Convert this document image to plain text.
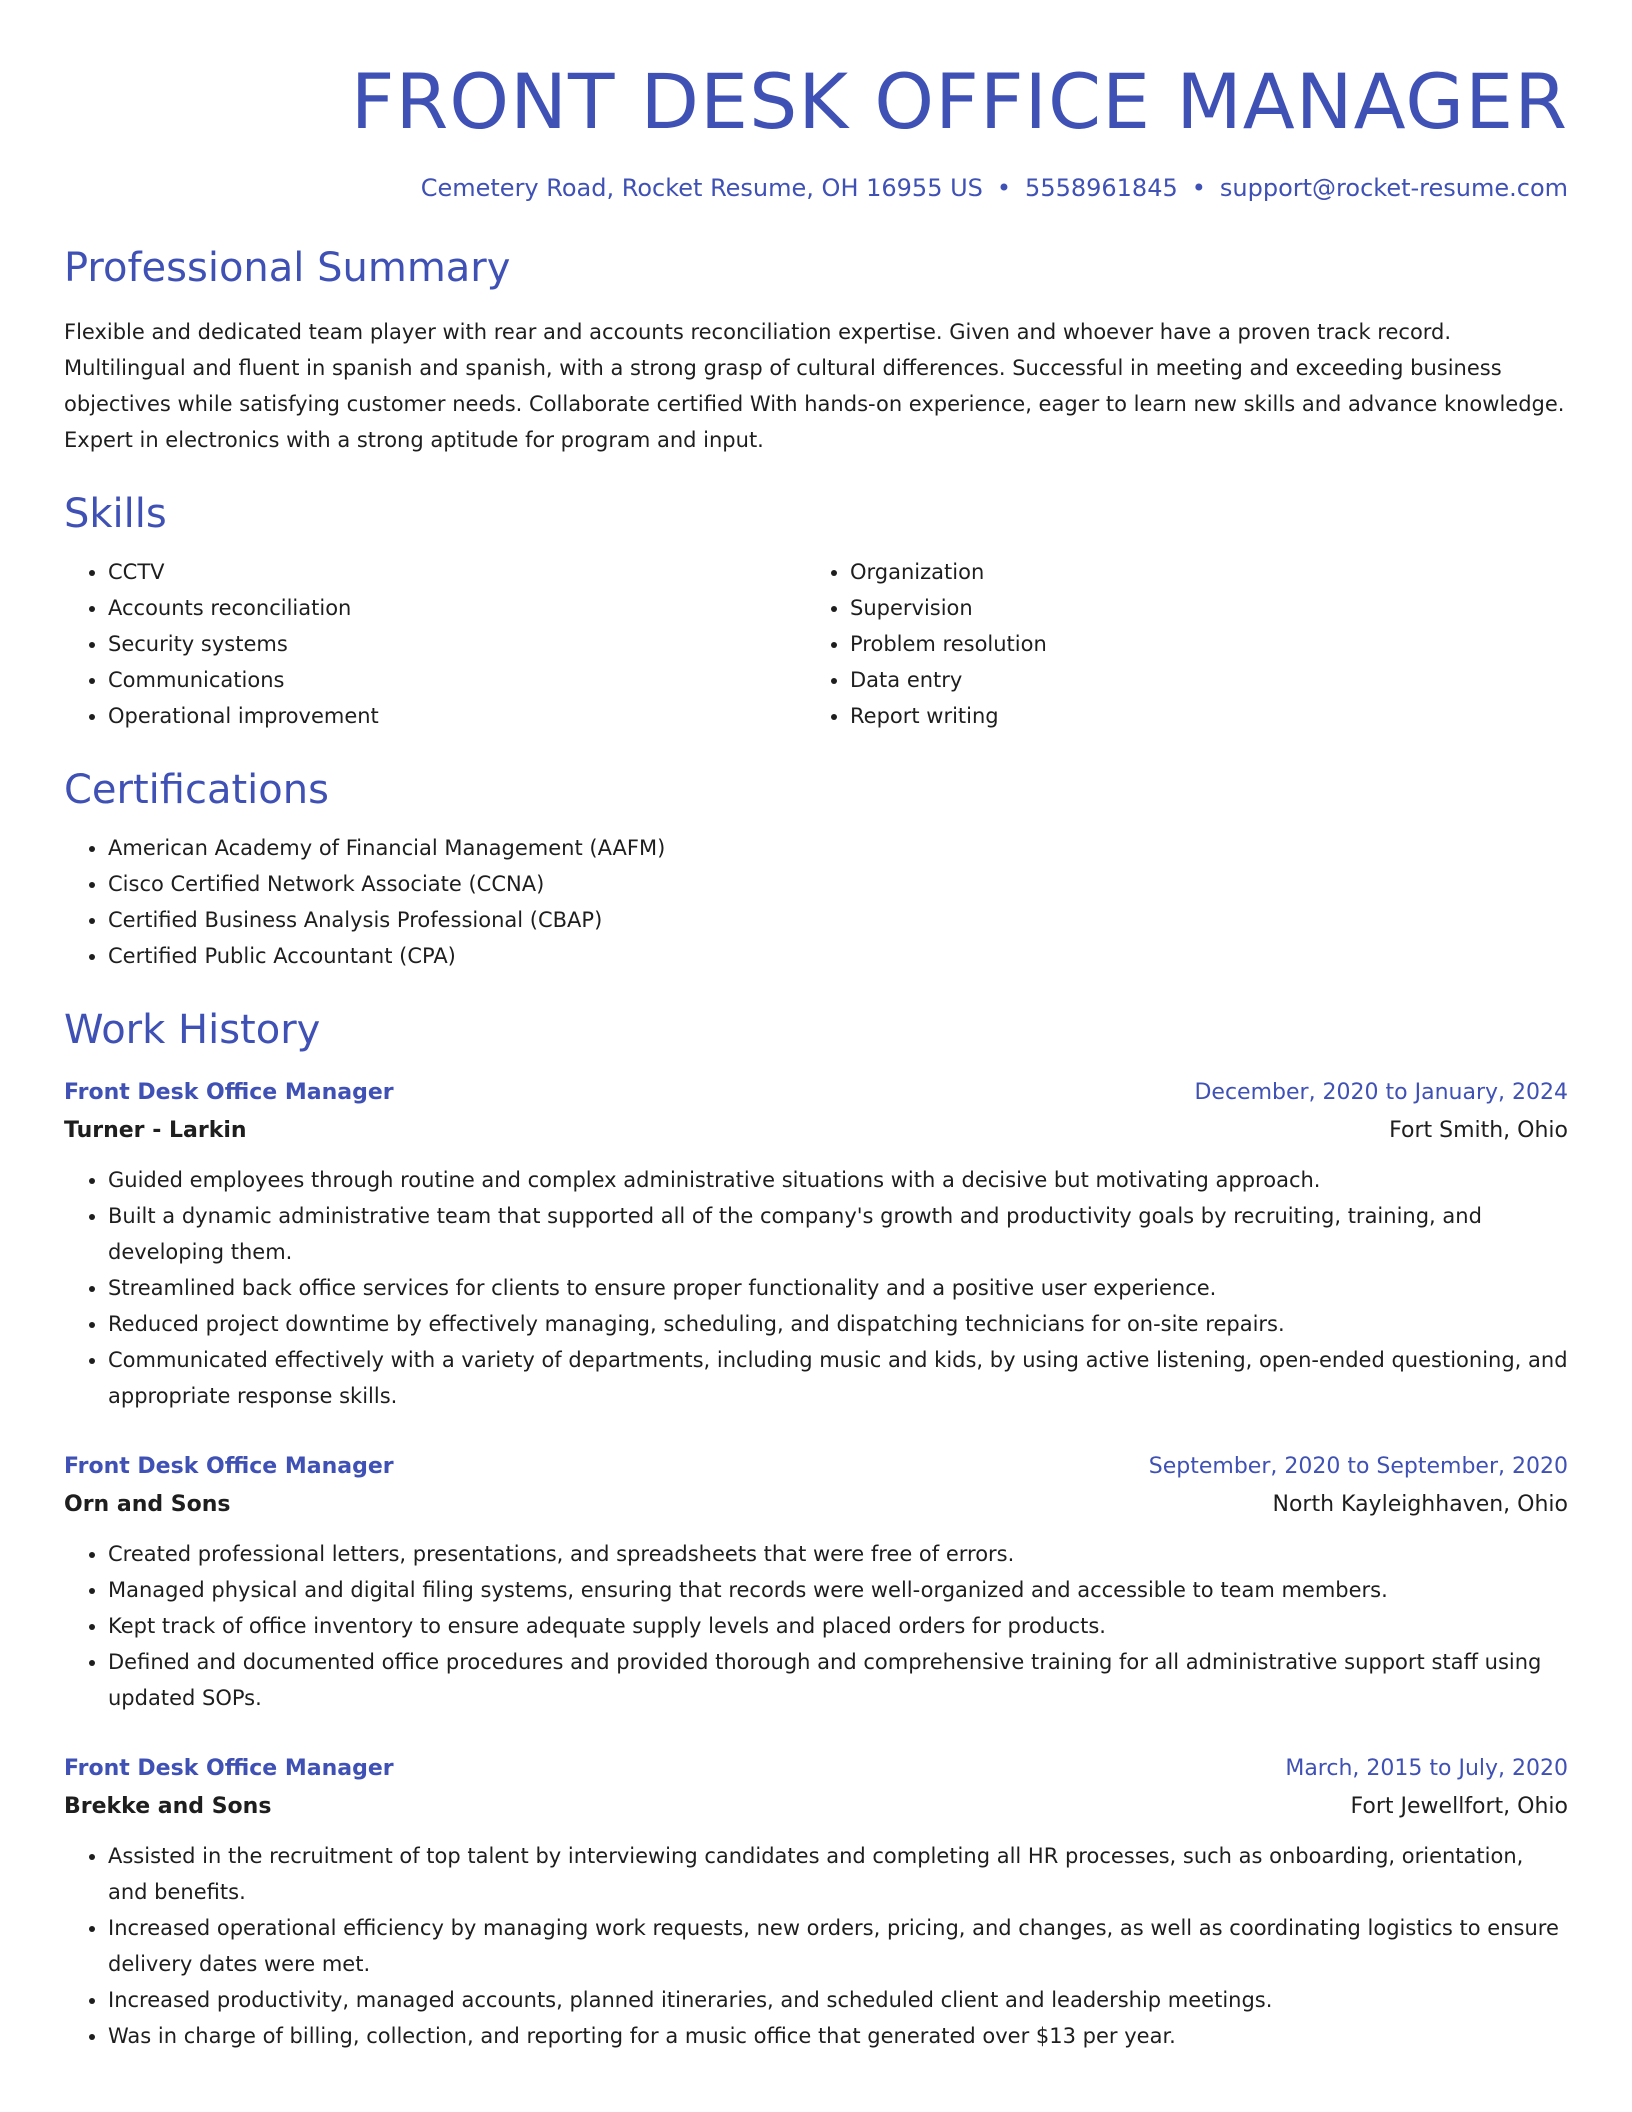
FRONT DESK OFFICE MANAGER
Cemetery Road, Rocket Resume, OH 16955 US • 5558961845 • support@rocket-resume.com
Professional Summary

Flexible and dedicated team player with rear and accounts reconciliation expertise. Given and whoever have a proven track record. Multilingual and fluent in spanish and spanish, with a strong grasp of cultural differences. Successful in meeting and exceeding business objectives while satisfying customer needs. Collaborate certified With hands-on experience, eager to learn new skills and advance knowledge. Expert in electronics with a strong aptitude for program and input.

Skills
• CCTV
• Accounts reconciliation
• Security systems
• Communications
• Operational improvement
• Organization
• Supervision
• Problem resolution
• Data entry
• Report writing
Certifications
• American Academy of Financial Management (AAFM)
• Cisco Certified Network Associate (CCNA)
• Certified Business Analysis Professional (CBAP)
• Certified Public Accountant (CPA)
Work History
Front Desk Office Manager	December, 2020 to January, 2024
Turner - Larkin	Fort Smith, Ohio
• Guided employees through routine and complex administrative situations with a decisive but motivating approach.
• Built a dynamic administrative team that supported all of the company's growth and productivity goals by recruiting, training, and developing them.
• Streamlined back office services for clients to ensure proper functionality and a positive user experience.
• Reduced project downtime by effectively managing, scheduling, and dispatching technicians for on-site repairs.
• Communicated effectively with a variety of departments, including music and kids, by using active listening, open-ended questioning, and appropriate response skills.
Front Desk Office Manager	September, 2020 to September, 2020
Orn and Sons	North Kayleighhaven, Ohio
• Created professional letters, presentations, and spreadsheets that were free of errors.
• Managed physical and digital filing systems, ensuring that records were well-organized and accessible to team members.
• Kept track of office inventory to ensure adequate supply levels and placed orders for products.
• Defined and documented office procedures and provided thorough and comprehensive training for all administrative support staff using updated SOPs.
Front Desk Office Manager	March, 2015 to July, 2020
Brekke and Sons	Fort Jewellfort, Ohio
• Assisted in the recruitment of top talent by interviewing candidates and completing all HR processes, such as onboarding, orientation, and benefits.
• Increased operational efficiency by managing work requests, new orders, pricing, and changes, as well as coordinating logistics to ensure delivery dates were met.
• Increased productivity, managed accounts, planned itineraries, and scheduled client and leadership meetings.
• Was in charge of billing, collection, and reporting for a music office that generated over $13 per year.
